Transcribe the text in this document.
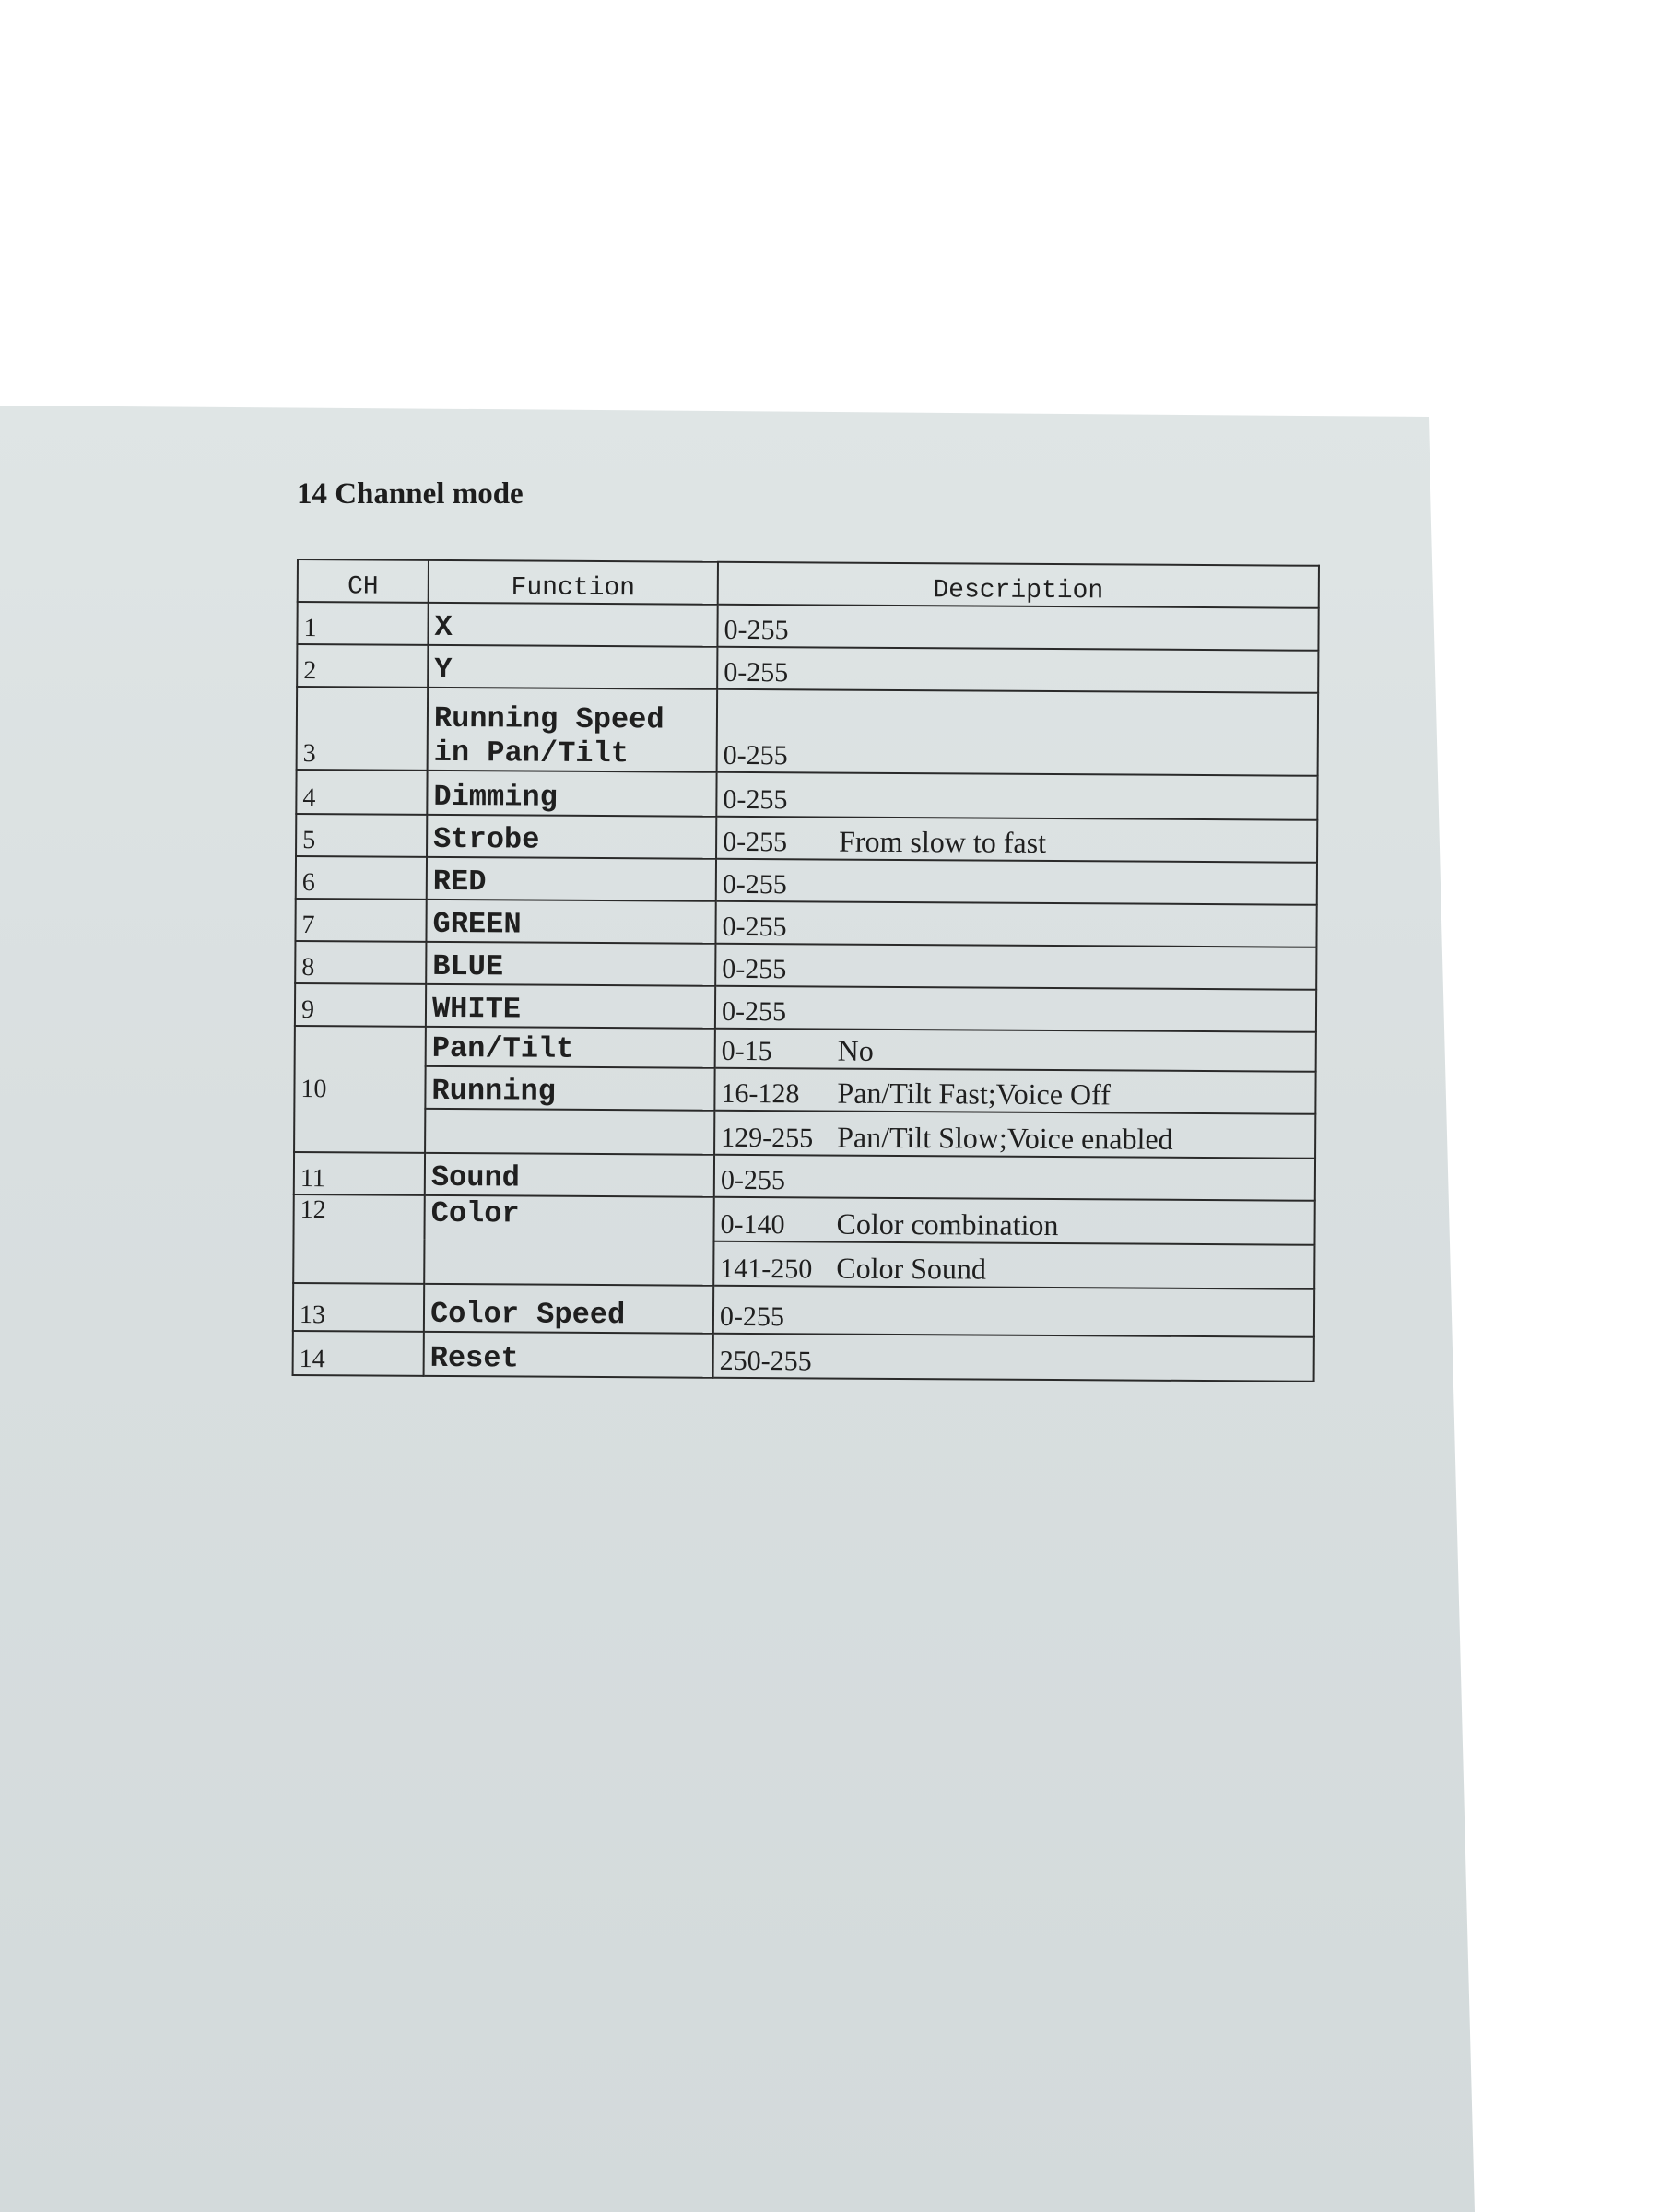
14 Channel mode
CH	Function	Description
1	X	0-255
2	Y	0-255
3	Running Speed in Pan/Tilt	0-255
4	Dimming	0-255
5	Strobe	0-255 From slow to fast
6	RED	0-255
7	GREEN	0-255
8	BLUE	0-255
9	WHITE	0-255
10	Pan/Tilt	0-15 No
	Running	16-128 Pan/Tilt Fast;Voice Off
		129-255 Pan/Tilt Slow;Voice enabled
11	Sound	0-255
12	Color	0-140 Color combination
		141-250 Color Sound
13	Color Speed	0-255
14	Reset	250-255
